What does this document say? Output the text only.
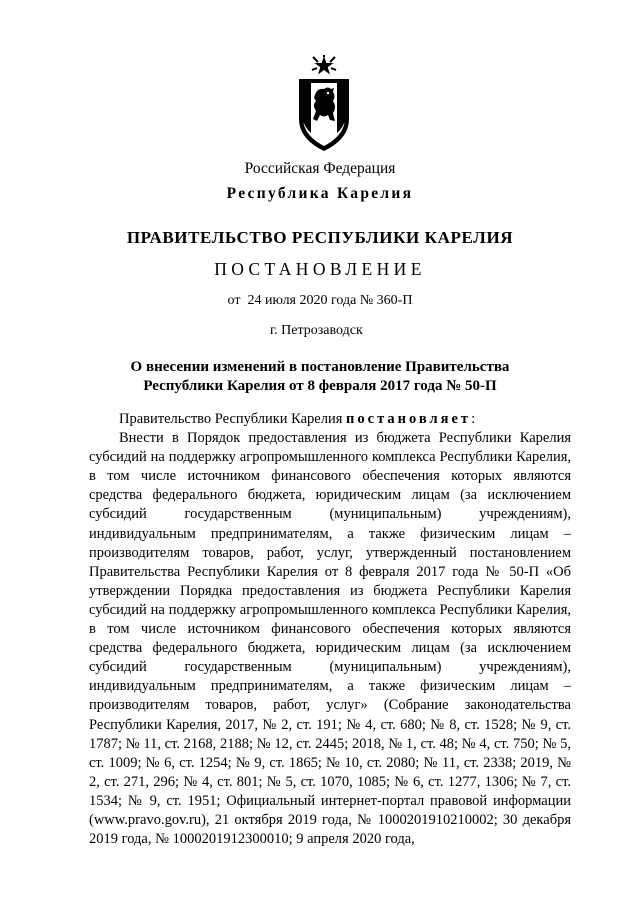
Российская Федерация
Республика Карелия
ПРАВИТЕЛЬСТВО РЕСПУБЛИКИ КАРЕЛИЯ
ПОСТАНОВЛЕНИЕ
от  24 июля 2020 года № 360-П
г. Петрозаводск
О внесении изменений в постановление Правительства
Республики Карелия от 8 февраля 2017 года № 50-П

Правительство Республики Карелия постановляет:

Внести в Порядок предоставления из бюджета Республики Карелия субсидий на поддержку агропромышленного комплекса Республики Карелия, в том числе источником финансового обеспечения которых являются средства федерального бюджета, юридическим лицам (за исключением субсидий государственным (муниципальным) учреждениям), индивидуальным предпринимателям, а также физическим лицам – производителям товаров, работ, услуг, утвержденный постановлением Правительства Республики Карелия от 8 февраля 2017 года № 50-П «Об утверждении Порядка предоставления из бюджета Республики Карелия субсидий на поддержку агропромышленного комплекса Республики Карелия, в том числе источником финансового обеспечения которых являются средства федерального бюджета, юридическим лицам (за исключением субсидий государственным (муниципальным) учреждениям), индивидуальным предпринимателям, а также физическим лицам – производителям товаров, работ, услуг» (Собрание законодательства Республики Карелия, 2017, № 2, ст. 191; № 4, ст. 680; № 8, ст. 1528; № 9, ст. 1787; № 11, ст. 2168, 2188; № 12, ст. 2445; 2018, № 1, ст. 48; № 4, ст. 750; № 5, ст. 1009; № 6, ст. 1254; № 9, ст. 1865; № 10, ст. 2080; № 11, ст. 2338; 2019, № 2, ст. 271, 296; № 4, ст. 801; № 5, ст. 1070, 1085; № 6, ст. 1277, 1306; № 7, ст. 1534; № 9, ст. 1951; Официальный интернет-портал правовой информации (www.pravo.gov.ru), 21 октября 2019 года, № 1000201910210002; 30 декабря 2019 года, № 1000201912300010; 9 апреля 2020 года,
